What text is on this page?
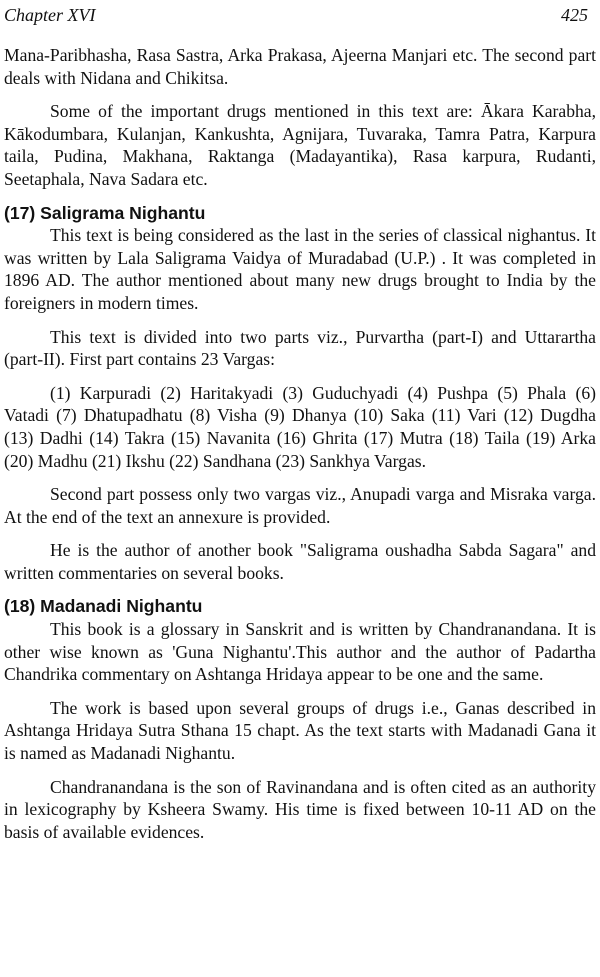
Chapter XVI	425

Mana-Paribhasha, Rasa Sastra, Arka Prakasa, Ajeerna Manjari etc. The second part deals with Nidana and Chikitsa.

Some of the important drugs mentioned in this text are: Ākara Karabha, Kākodumbara, Kulanjan, Kankushta, Agnijara, Tuvaraka, Tamra Patra, Karpura taila, Pudina, Makhana, Raktanga (Madayantika), Rasa karpura, Rudanti, Seetaphala, Nava Sadara etc.

(17) Saligrama Nighantu

This text is being considered as the last in the series of classical nighantus. It was written by Lala Saligrama Vaidya of Muradabad (U.P.) . It was completed in 1896 AD. The author mentioned about many new drugs brought to India by the foreigners in modern times.

This text is divided into two parts viz., Purvartha (part-I) and Uttarartha (part-II). First part contains 23 Vargas:

(1) Karpuradi (2) Haritakyadi (3) Guduchyadi (4) Pushpa (5) Phala (6) Vatadi (7) Dhatupadhatu (8) Visha (9) Dhanya (10) Saka (11) Vari (12) Dugdha (13) Dadhi (14) Takra (15) Navanita (16) Ghrita (17) Mutra (18) Taila (19) Arka (20) Madhu (21) Ikshu (22) Sandhana (23) Sankhya Vargas.

Second part possess only two vargas viz., Anupadi varga and Misraka varga. At the end of the text an annexure is provided.

He is the author of another book "Saligrama oushadha Sabda Sagara" and written commentaries on several books.

(18) Madanadi Nighantu

This book is a glossary in Sanskrit and is written by Chandranandana. It is other wise known as 'Guna Nighantu'.This author and the author of Padartha Chandrika commentary on Ashtanga Hridaya appear to be one and the same.

The work is based upon several groups of drugs i.e., Ganas described in Ashtanga Hridaya Sutra Sthana 15 chapt. As the text starts with Madanadi Gana it is named as Madanadi Nighantu.

Chandranandana is the son of Ravinandana and is often cited as an authority in lexicography by Ksheera Swamy. His time is fixed between 10-11 AD on the basis of available evidences.
